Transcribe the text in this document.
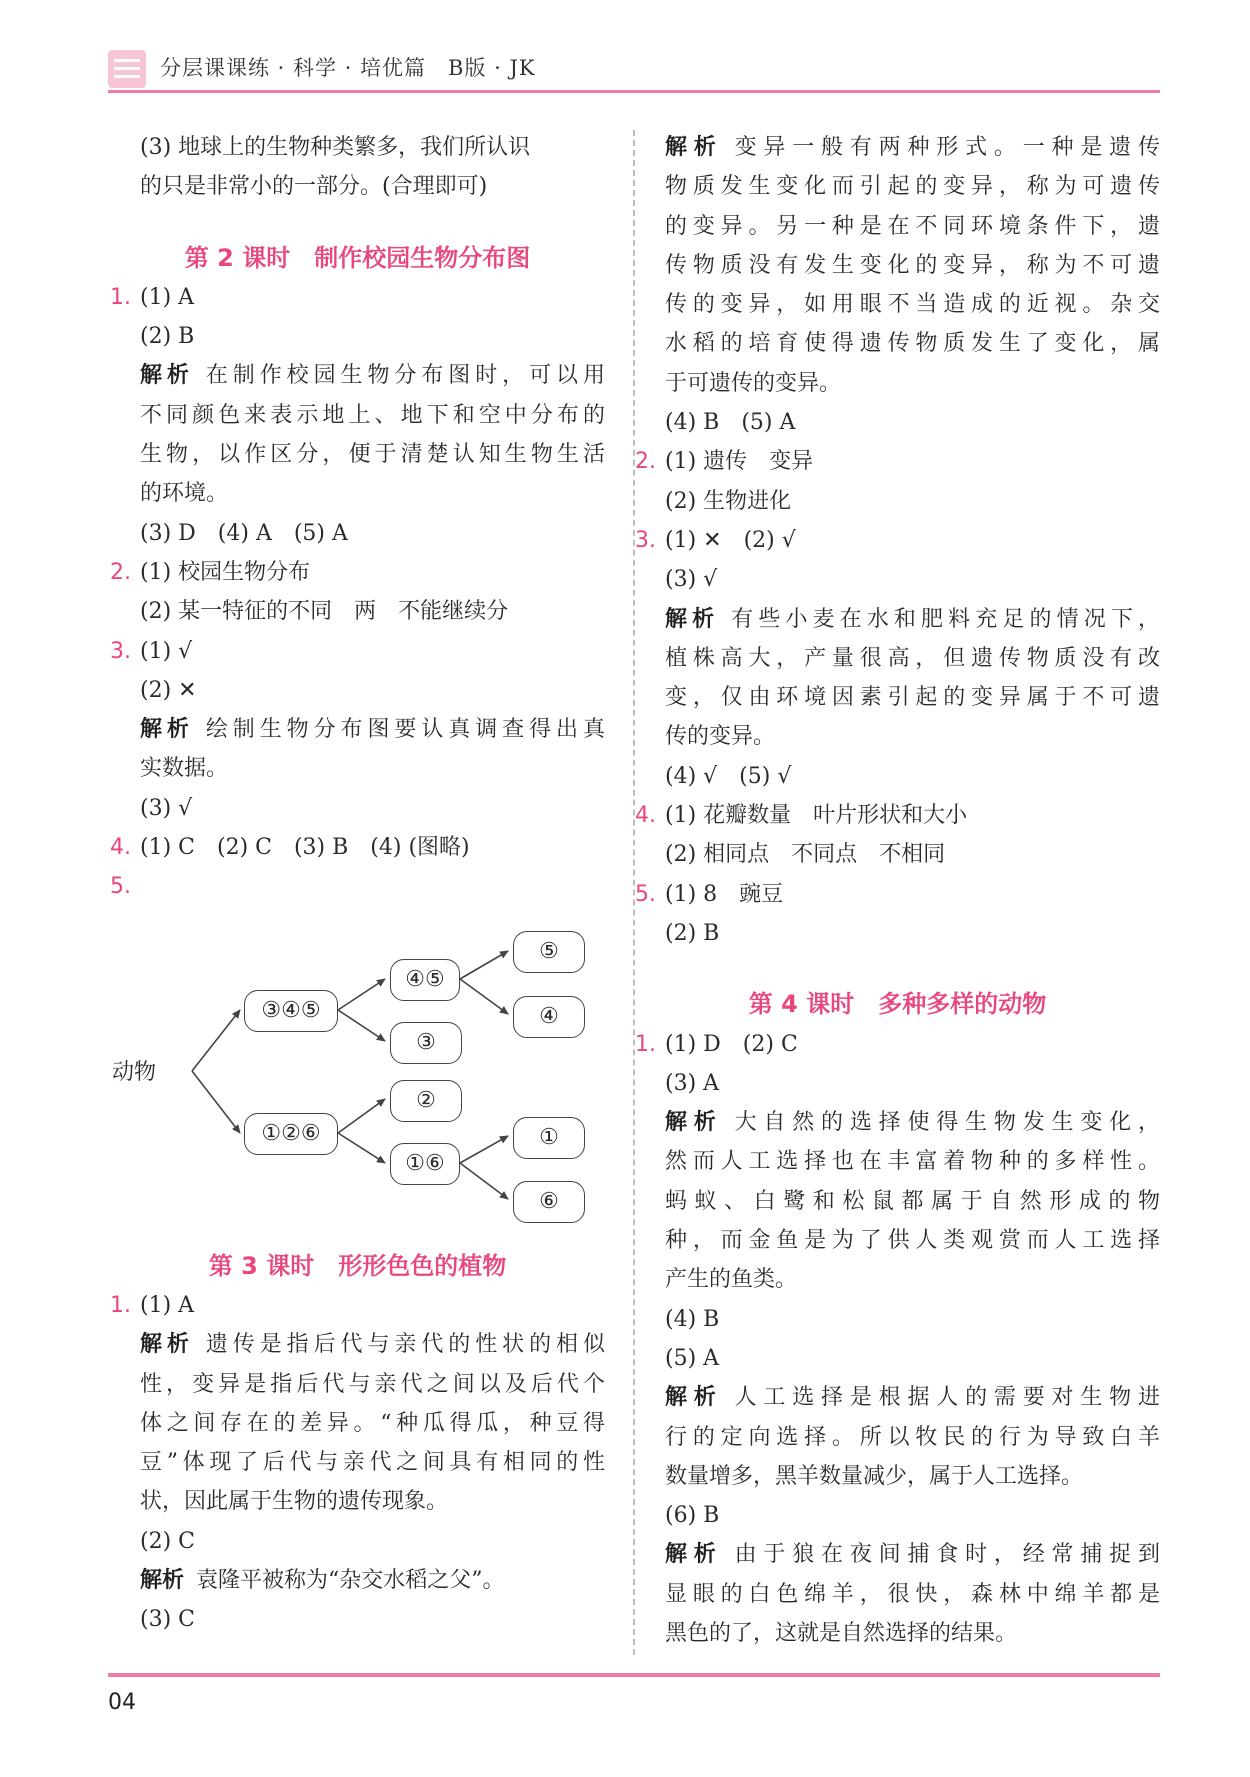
分层课课练 · 科学 · 培优篇　B版 · JK
(3) 地球上的生物种类繁多，我们所认识
的只是非常小的一部分。(合理即可)
第 2 课时　制作校园生物分布图
1. (1) A
(2) B
解析 在制作校园生物分布图时，可以用
不同颜色来表示地上、地下和空中分布的
生物，以作区分，便于清楚认知生物生活
的环境。
(3) D　(4) A　(5) A
2. (1) 校园生物分布
(2) 某一特征的不同　两　不能继续分
3. (1) √
(2) ✕
解析 绘制生物分布图要认真调查得出真
实数据。
(3) √
4. (1) C　(2) C　(3) B　(4) (图略)
5.
动物
③④⑤
④⑤
⑤
④
③
①②⑥
②
①⑥
①
⑥
第 3 课时　形形色色的植物
1. (1) A
解析 遗传是指后代与亲代的性状的相似
性，变异是指后代与亲代之间以及后代个
体之间存在的差异。“种瓜得瓜，种豆得
豆”体现了后代与亲代之间具有相同的性
状，因此属于生物的遗传现象。
(2) C
解析 袁隆平被称为“杂交水稻之父”。
(3) C
解析 变异一般有两种形式。一种是遗传
物质发生变化而引起的变异，称为可遗传
的变异。另一种是在不同环境条件下，遗
传物质没有发生变化的变异，称为不可遗
传的变异，如用眼不当造成的近视。杂交
水稻的培育使得遗传物质发生了变化，属
于可遗传的变异。
(4) B　(5) A
2. (1) 遗传　变异
(2) 生物进化
3. (1) ✕　(2) √
(3) √
解析 有些小麦在水和肥料充足的情况下，
植株高大，产量很高，但遗传物质没有改
变，仅由环境因素引起的变异属于不可遗
传的变异。
(4) √　(5) √
4. (1) 花瓣数量　叶片形状和大小
(2) 相同点　不同点　不相同
5. (1) 8　豌豆
(2) B
第 4 课时　多种多样的动物
1. (1) D　(2) C
(3) A
解析 大自然的选择使得生物发生变化，
然而人工选择也在丰富着物种的多样性。
蚂蚁、白鹭和松鼠都属于自然形成的物
种，而金鱼是为了供人类观赏而人工选择
产生的鱼类。
(4) B
(5) A
解析 人工选择是根据人的需要对生物进
行的定向选择。所以牧民的行为导致白羊
数量增多，黑羊数量减少，属于人工选择。
(6) B
解析 由于狼在夜间捕食时，经常捕捉到
显眼的白色绵羊，很快，森林中绵羊都是
黑色的了，这就是自然选择的结果。
04
